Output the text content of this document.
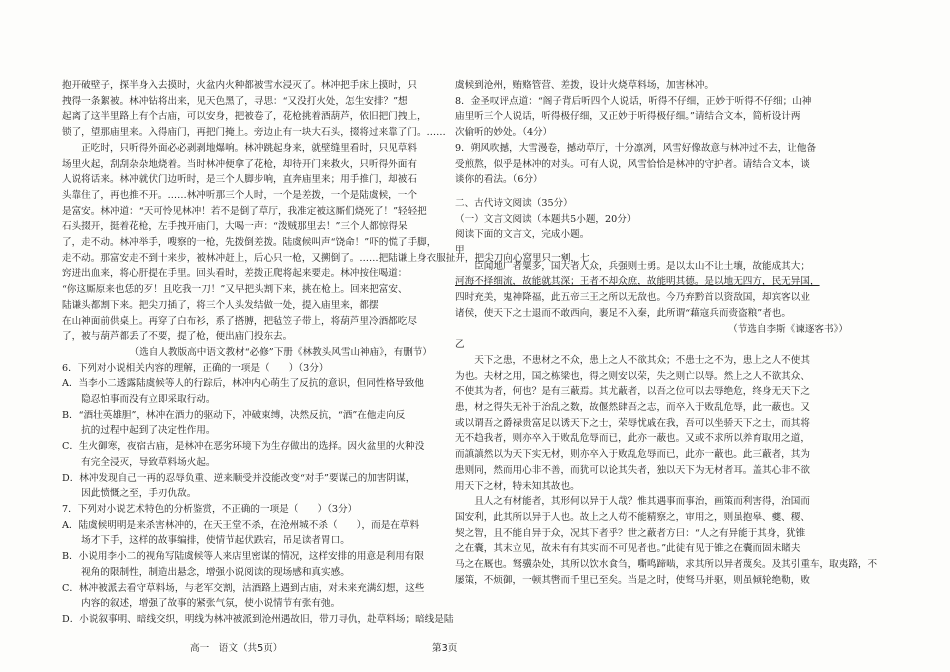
抱开破壁子，探半身入去摸时，火盆内火种都被雪水浸灭了。林冲把手床上摸时，只

拽得一条絮被。林冲钻将出来，见天色黑了，寻思：“又没打火处，怎生安排？”想

起离了这半里路上有个古庙，可以安身，把被卷了，花枪挑着酒葫芦，依旧把门拽上，

锁了，望那庙里来。入得庙门，再把门掩上。旁边止有一块大石头，掇将过来靠了门。……

正吃时，只听得外面必必剥剥地爆响。林冲跳起身来，就壁缝里看时，只见草料

场里火起，刮刮杂杂地烧着。当时林冲便拿了花枪，却待开门来救火，只听得外面有

人说将话来。林冲就伏门边听时，是三个人脚步响，直奔庙里来；用手推门，却被石

头靠住了，再也推不开。……林冲听那三个人时，一个是差拨，一个是陆虞候，一个

是富安。林冲道：“天可怜见林冲！若不是倒了草厅，我准定被这厮们烧死了！”轻轻把

石头掇开，挺着花枪，左手拽开庙门，大喝一声：“泼贼那里去！”三个人都惊得呆

了，走不动。林冲举手，嗖察的一枪，先拨倒差拨。陆虞候叫声“饶命！”吓的慌了手脚，

走不动。那富安走不到十来步，被林冲赶上，后心只一枪，又搠倒了。……把陆谦上身衣服扯开，把尖刀向心窝里只一剜，七

窍迸出血来，将心肝提在手里。回头看时，差拨正爬将起来要走。林冲按住喝道：

“你这厮原来也恁的歹！且吃我一刀！”又早把头割下来，挑在枪上。回来把富安、

陆谦头都割下来。把尖刀插了，将三个人头发结做一处，提入庙里来，都摆

在山神面前供桌上。再穿了白布衫，系了搭膊，把毡笠子带上，将葫芦里冷酒都吃尽

了，被与葫芦都丢了不要，提了枪，便出庙门投东去。

（选自人教版高中语文教材“必修”下册《林教头风雪山神庙》，有删节）

6．下列对小说相关内容的理解，正确的一项是（　　）（3分）

A．当李小二透露陆虞候等人的行踪后，林冲内心萌生了反抗的意识，但同性格导致他

　　隐忍怕事而没有立即采取行动。

B．“酒壮英雄胆”，林冲在酒力的驱动下，冲破束缚，决然反抗，“酒”在他走向反

　　抗的过程中起到了决定性作用。

C．生火御寒，夜宿古庙，是林冲在恶劣环境下为生存做出的选择。因火盆里的火种没

　　有完全浸灭，导致草料场火起。

D．林冲发现自己一再的忍辱负重、逆来顺受并没能改变“对手”要谋己的加害阴谋，

　　因此愤慨之至，手刃仇敌。

7．下列对小说艺术特色的分析鉴赏，不正确的一项是（　　）（3分）

A．陆虞候明明是来杀害林冲的，在天王堂不杀，在沧州城不杀（　　），而是在草料

　　场才下手，这样的故事编排，使情节起伏跌宕，吊足读者胃口。

B．小说用李小二的视角写陆虞候等人来店里密谋的情况，这样安排的用意是利用有限

　　视角的限制性，制造出悬念，增强小说阅读的现场感和真实感。

C．林冲被派去看守草料场，与老军交割，沽酒路上遇到古庙，对未来充满幻想，这些

　　内容的叙述，增强了故事的紧张气氛，使小说情节有张有弛。

D．小说叙事明、暗线交织，明线为林冲被派到沧州遇故旧，带刀寻仇，赴草料场；暗线是陆

虞候到沧州，贿赂管营、差拨，设计火烧草料场，加害林冲。

8．金圣叹评点道：“阁子背后听四个人说话，听得不仔细，正妙于听得不仔细；山神

庙里听三个人说话，听得极仔细，又正妙于听得极仔细。”请结合文本，简析设计两

次偷听的妙处。（4分）

9．朔风吹撼，大雪漫卷，撼动草厅，十分凛冽，风雪好像故意与林冲过不去，让他备

受煎熬，似乎是林冲的对头。可有人说，风雪恰恰是林冲的守护者。请结合文本，谈

谈你的看法。（6分）

二、古代诗文阅读（35分）

（一）文言文阅读（本题共5小题，20分）

阅读下面的文言文，完成小题。

甲

臣闻地广者粟多，国大者人众，兵强则士勇。是以太山不让土壤，故能成其大；

河海不择细流，故能就其深；王者不却众庶，故能明其德。是以地无四方，民无异国，

四时充美，鬼神降福，此五帝三王之所以无敌也。今乃弃黔首以资敌国，却宾客以业

诸侯，使天下之士退而不敢西向，裹足不入秦，此所谓“藉寇兵而赍盗粮”者也。

（节选自李斯《谏逐客书》）

乙

天下之患，不患材之不众，患上之人不欲其众；不患士之不为，患上之人不使其

为也。夫材之用，国之栋梁也，得之则安以荣，失之则亡以辱。然上之人不欲其众、

不使其为者，何也？是有三蔽焉。其尤蔽者，以吾之位可以去辱绝危，终身无天下之

患，材之得失无补于治乱之数，故偃然肆吾之志，而卒入于败乱危辱，此一蔽也。又

或以谓吾之爵禄贵富足以诱天下之士，荣辱忧戚在我，吾可以坐骄天下之士，而其将

无不趋我者，则亦卒入于败乱危辱而已，此亦一蔽也。又或不求所以养育取用之道，

而謓謓然以为天下实无材，则亦卒入于败乱危辱而已，此亦一蔽也。此三蔽者，其为

患则同，然而用心非不善，而犹可以论其失者，独以天下为无材者耳。盖其心非不欲

用天下之材，特未知其故也。

且人之有材能者，其形何以异于人哉？惟其遇事而事治，画策而利害得，治国而

国安利，此其所以异于人也。故上之人苟不能精察之，审用之，则虽抱皋、夔、稷、

契之智，且不能自异于众，况其下者乎？世之蔽者方曰：“人之有异能于其身，犹锥

之在囊，其末立见，故未有有其实而不可见者也。”此徒有见于锥之在囊而固未睹夫

马之在厩也。驽骥杂处，其所以饮水食刍，嘶鸣蹄啮，求其所以异者蔑矣。及其引重车，取夷路，不

屡策，不烦御，一顿其辔而千里已至矣。当是之时，使驽马并驱，则虽倾轮绝勒，败

高一　语文（共5页）	第3页
